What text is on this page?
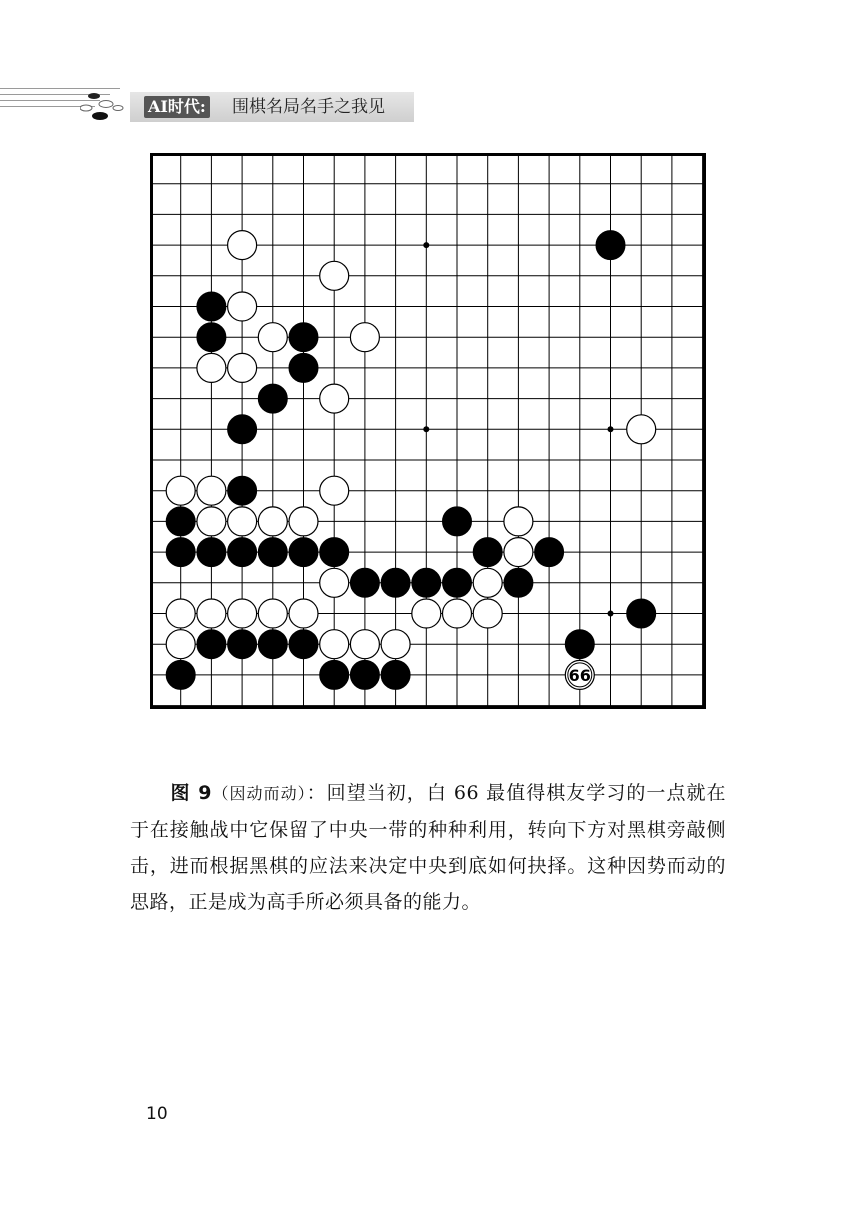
AI时代: 围棋名局名手之我见
66
图 9（因动而动）：回望当初，白 66 最值得棋友学习的一点就在于在接触战中它保留了中央一带的种种利用，转向下方对黑棋旁敲侧击，进而根据黑棋的应法来决定中央到底如何抉择。这种因势而动的思路，正是成为高手所必须具备的能力。
10
